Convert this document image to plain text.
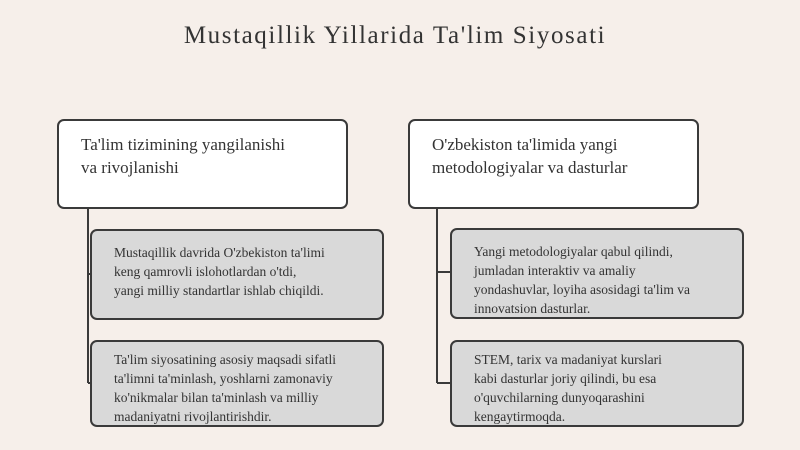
Mustaqillik Yillarida Ta'lim Siyosati
Ta'lim tizimining yangilanishi
va rivojlanishi
O'zbekiston ta'limida yangi
metodologiyalar va dasturlar
Mustaqillik davrida O'zbekiston ta'limi
keng qamrovli islohotlardan o'tdi,
yangi milliy standartlar ishlab chiqildi.
Ta'lim siyosatining asosiy maqsadi sifatli
ta'limni ta'minlash, yoshlarni zamonaviy
ko'nikmalar bilan ta'minlash va milliy
madaniyatni rivojlantirishdir.
Yangi metodologiyalar qabul qilindi,
jumladan interaktiv va amaliy
yondashuvlar, loyiha asosidagi ta'lim va
innovatsion dasturlar.
STEM, tarix va madaniyat kurslari
kabi dasturlar joriy qilindi, bu esa
o'quvchilarning dunyoqarashini
kengaytirmoqda.
